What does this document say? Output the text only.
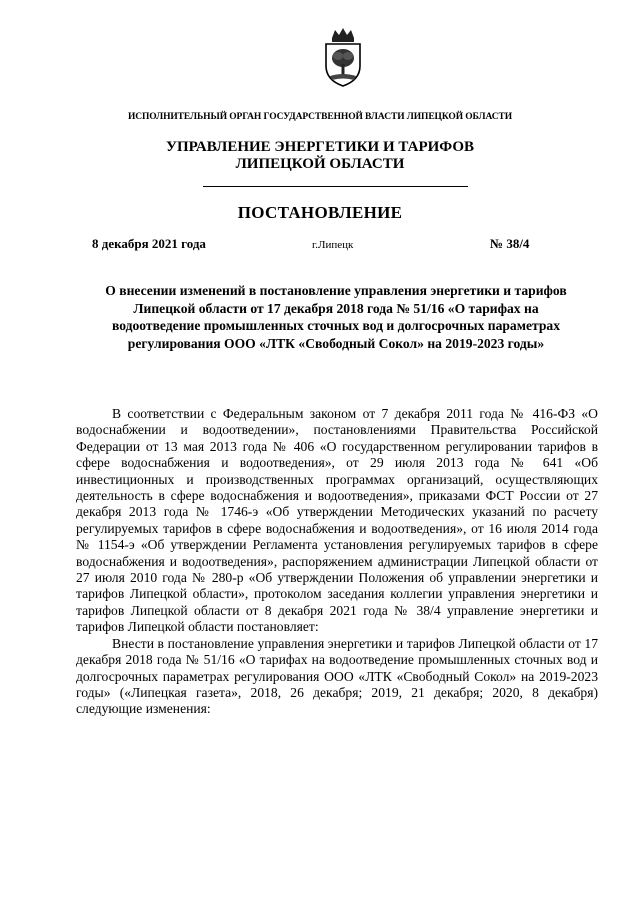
ИСПОЛНИТЕЛЬНЫЙ ОРГАН ГОСУДАРСТВЕННОЙ ВЛАСТИ ЛИПЕЦКОЙ ОБЛАСТИ
УПРАВЛЕНИЕ ЭНЕРГЕТИКИ И ТАРИФОВ
ЛИПЕЦКОЙ ОБЛАСТИ
ПОСТАНОВЛЕНИЕ
8 декабря 2021 года	г.Липецк	№ 38/4
О внесении изменений в постановление управления энергетики и тарифов Липецкой области от 17 декабря 2018 года № 51/16 «О тарифах на водоотведение промышленных сточных вод и долгосрочных параметрах регулирования ООО «ЛТК «Свободный Сокол» на 2019-2023 годы»

В соответствии с Федеральным законом от 7 декабря 2011 года № 416-ФЗ «О водоснабжении и водоотведении», постановлениями Правительства Российской Федерации от 13 мая 2013 года № 406 «О государственном регулировании тарифов в сфере водоснабжения и водоотведения», от 29 июля 2013 года № 641 «Об инвестиционных и производственных программах организаций, осуществляющих деятельность в сфере водоснабжения и водоотведения», приказами ФСТ России от 27 декабря 2013 года № 1746-э «Об утверждении Методических указаний по расчету регулируемых тарифов в сфере водоснабжения и водоотведения», от 16 июля 2014 года № 1154-э «Об утверждении Регламента установления регулируемых тарифов в сфере водоснабжения и водоотведения», распоряжением администрации Липецкой области от 27 июля 2010 года № 280-р «Об утверждении Положения об управлении энергетики и тарифов Липецкой области», протоколом заседания коллегии управления энергетики и тарифов Липецкой области от 8 декабря 2021 года № 38/4 управление энергетики и тарифов Липецкой области постановляет:

Внести в постановление управления энергетики и тарифов Липецкой области от 17 декабря 2018 года № 51/16 «О тарифах на водоотведение промышленных сточных вод и долгосрочных параметрах регулирования ООО «ЛТК «Свободный Сокол» на 2019-2023 годы» («Липецкая газета», 2018, 26 декабря; 2019, 21 декабря; 2020, 8 декабря) следующие изменения:
